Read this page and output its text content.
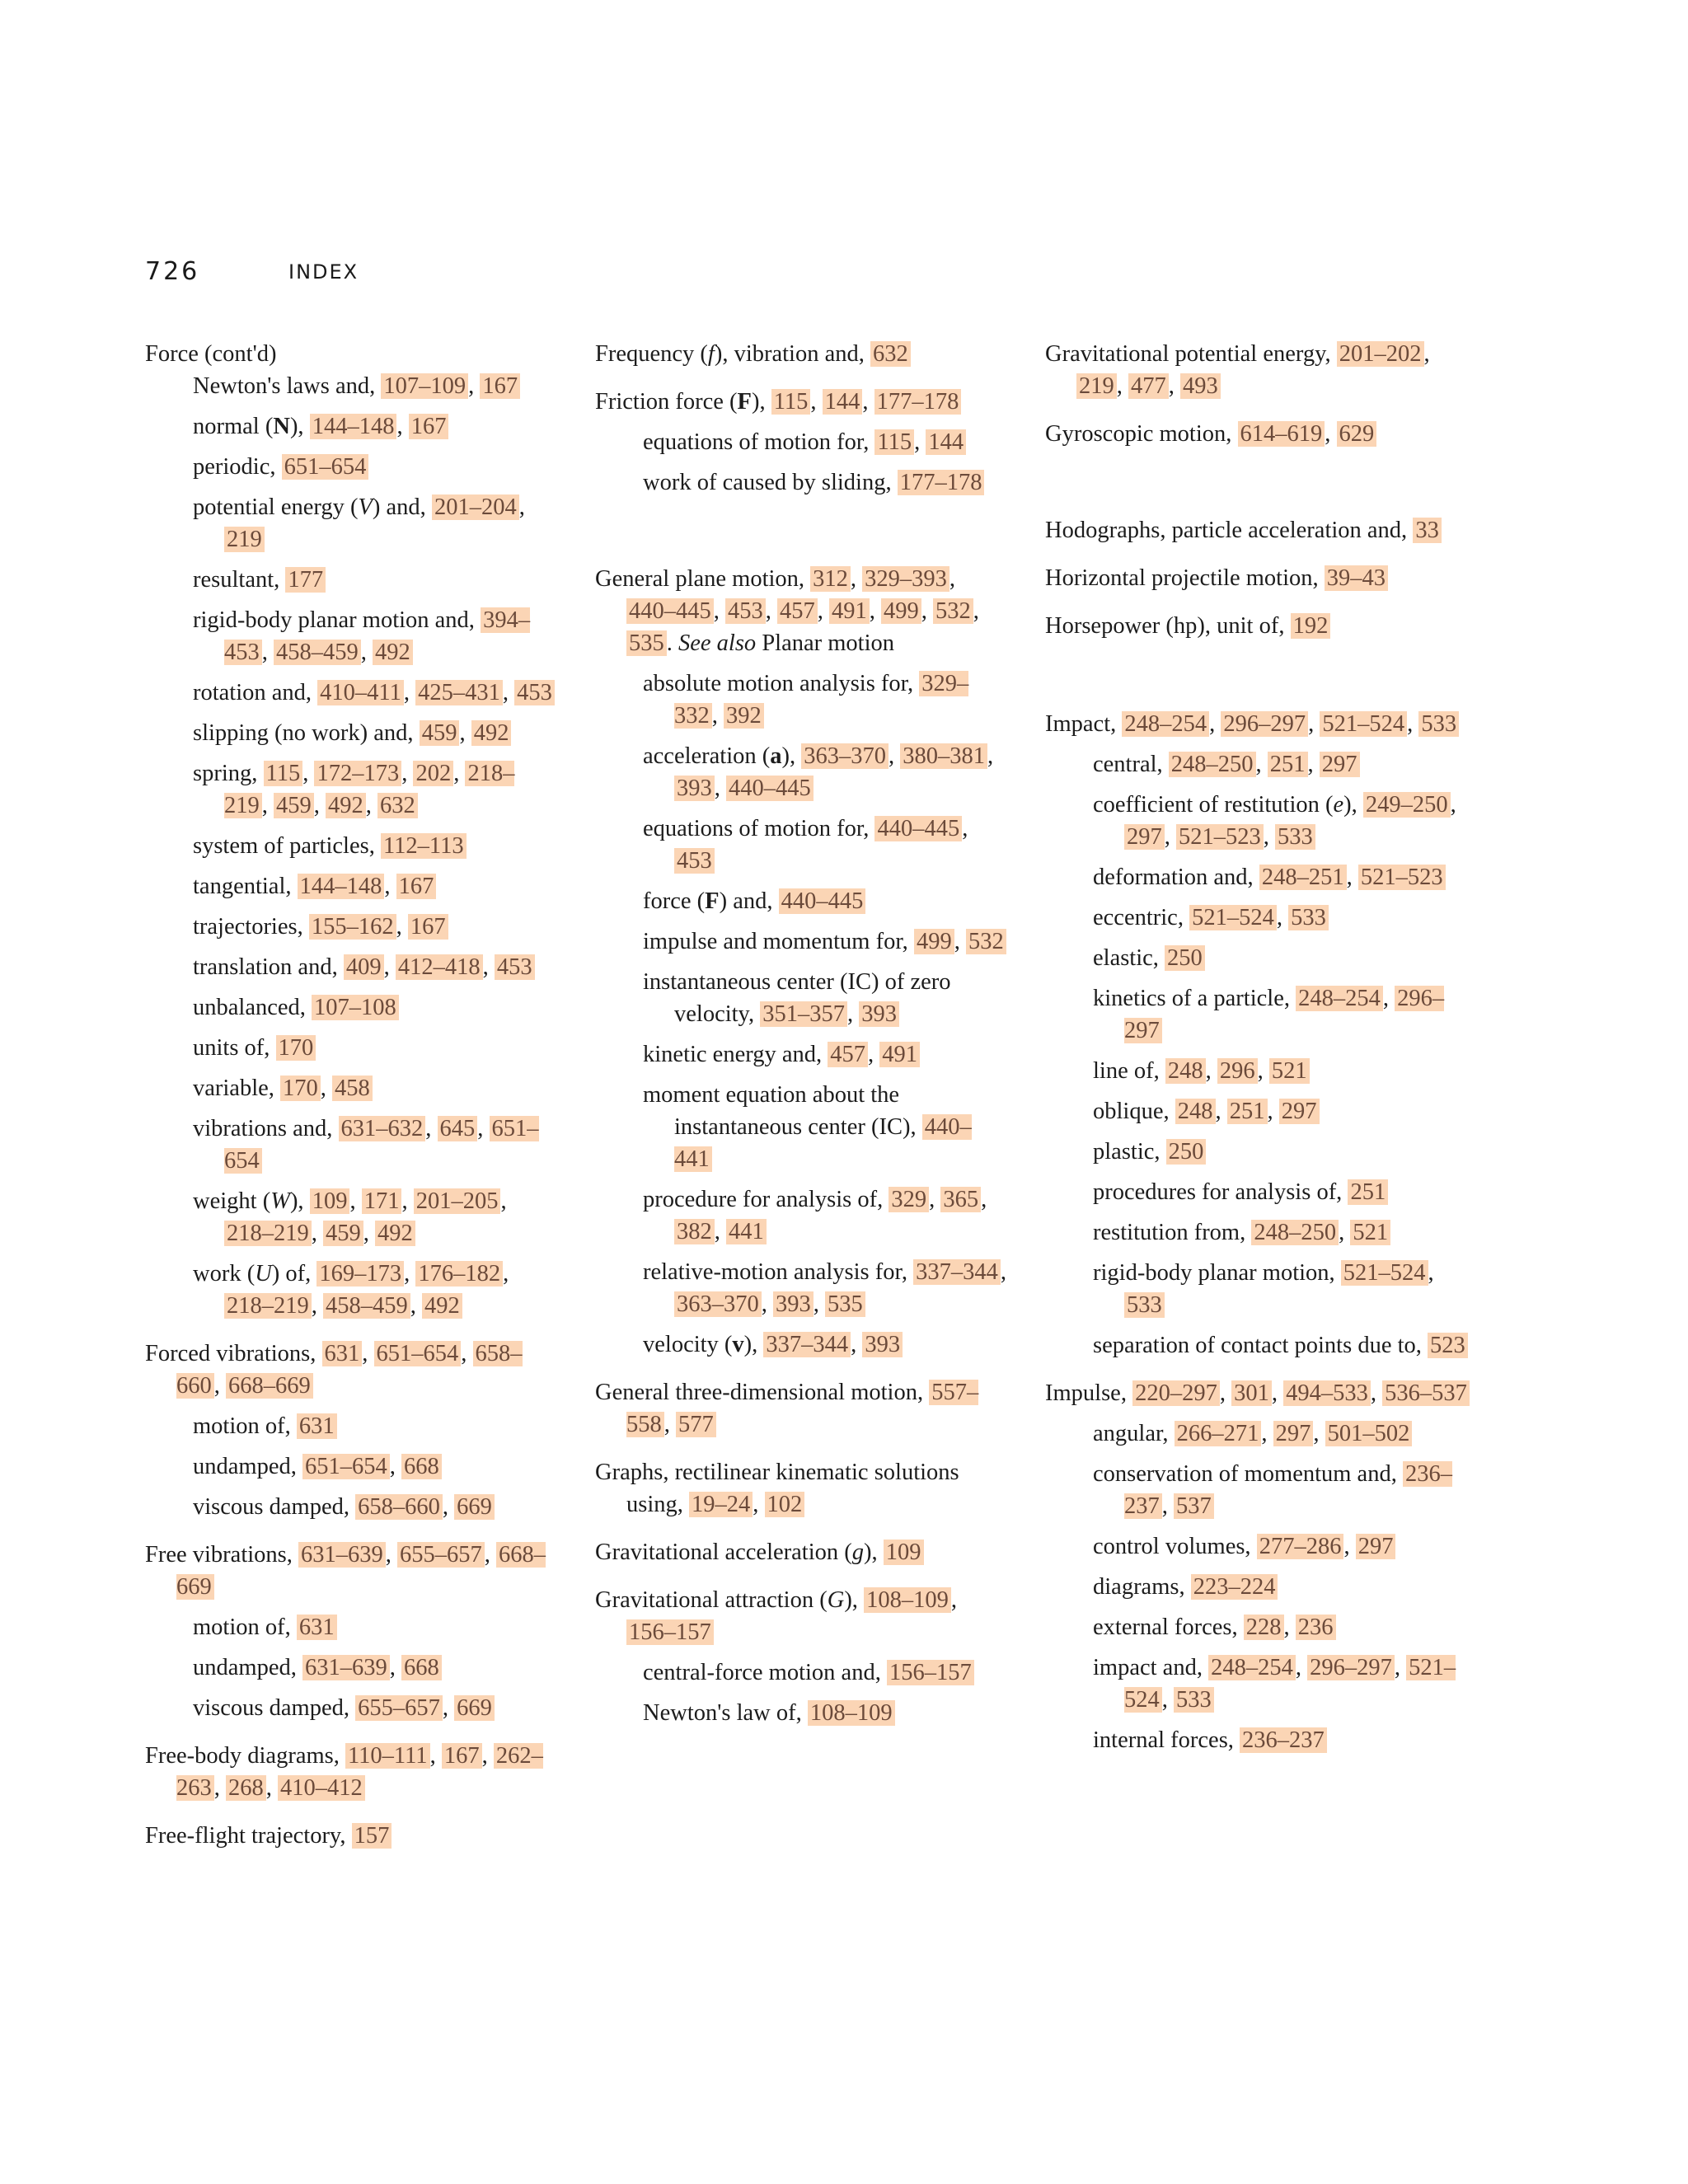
726	INDEX
Force (cont'd)
Newton's laws and, 107–109 , 167
normal (N), 144–148 , 167
periodic, 651–654
potential energy (V) and, 201–204 , 219
resultant, 177
rigid-body planar motion and, 394–453 , 458–459 , 492
rotation and, 410–411 , 425–431 , 453
slipping (no work) and, 459 , 492
spring, 115 , 172–173 , 202 , 218–219 , 459 , 492 , 632
system of particles, 112–113
tangential, 144–148 , 167
trajectories, 155–162 , 167
translation and, 409 , 412–418 , 453
unbalanced, 107–108
units of, 170
variable, 170 , 458
vibrations and, 631–632 , 645 , 651–654
weight (W), 109 , 171 , 201–205 , 218–219 , 459 , 492
work (U) of, 169–173 , 176–182 , 218–219 , 458–459 , 492
Forced vibrations, 631 , 651–654 , 658–660 , 668–669
motion of, 631
undamped, 651–654 , 668
viscous damped, 658–660 , 669
Free vibrations, 631–639 , 655–657 , 668–669
motion of, 631
undamped, 631–639 , 668
viscous damped, 655–657 , 669
Free-body diagrams, 110–111 , 167 , 262–263 , 268 , 410–412
Free-flight trajectory, 157
Frequency (f), vibration and, 632
Friction force (F), 115 , 144 , 177–178
equations of motion for, 115 , 144
work of caused by sliding, 177–178
General plane motion, 312 , 329–393 , 440–445 , 453 , 457 , 491 , 499 , 532 , 535 . See also Planar motion
absolute motion analysis for, 329–332 , 392
acceleration (a), 363–370 , 380–381 , 393 , 440–445
equations of motion for, 440–445 , 453
force (F) and, 440–445
impulse and momentum for, 499 , 532
instantaneous center (IC) of zero velocity, 351–357 , 393
kinetic energy and, 457 , 491
moment equation about the instantaneous center (IC), 440–441
procedure for analysis of, 329 , 365 , 382 , 441
relative-motion analysis for, 337–344 , 363–370 , 393 , 535
velocity (v), 337–344 , 393
General three-dimensional motion, 557–558 , 577
Graphs, rectilinear kinematic solutions using, 19–24 , 102
Gravitational acceleration (g), 109
Gravitational attraction (G), 108–109 , 156–157
central-force motion and, 156–157
Newton's law of, 108–109
Gravitational potential energy, 201–202 , 219 , 477 , 493
Gyroscopic motion, 614–619 , 629
Hodographs, particle acceleration and, 33
Horizontal projectile motion, 39–43
Horsepower (hp), unit of, 192
Impact, 248–254 , 296–297 , 521–524 , 533
central, 248–250 , 251 , 297
coefficient of restitution (e), 249–250 , 297 , 521–523 , 533
deformation and, 248–251 , 521–523
eccentric, 521–524 , 533
elastic, 250
kinetics of a particle, 248–254 , 296–297
line of, 248 , 296 , 521
oblique, 248 , 251 , 297
plastic, 250
procedures for analysis of, 251
restitution from, 248–250 , 521
rigid-body planar motion, 521–524 , 533
separation of contact points due to, 523
Impulse, 220–297 , 301 , 494–533 , 536–537
angular, 266–271 , 297 , 501–502
conservation of momentum and, 236–237 , 537
control volumes, 277–286 , 297
diagrams, 223–224
external forces, 228 , 236
impact and, 248–254 , 296–297 , 521–524 , 533
internal forces, 236–237
